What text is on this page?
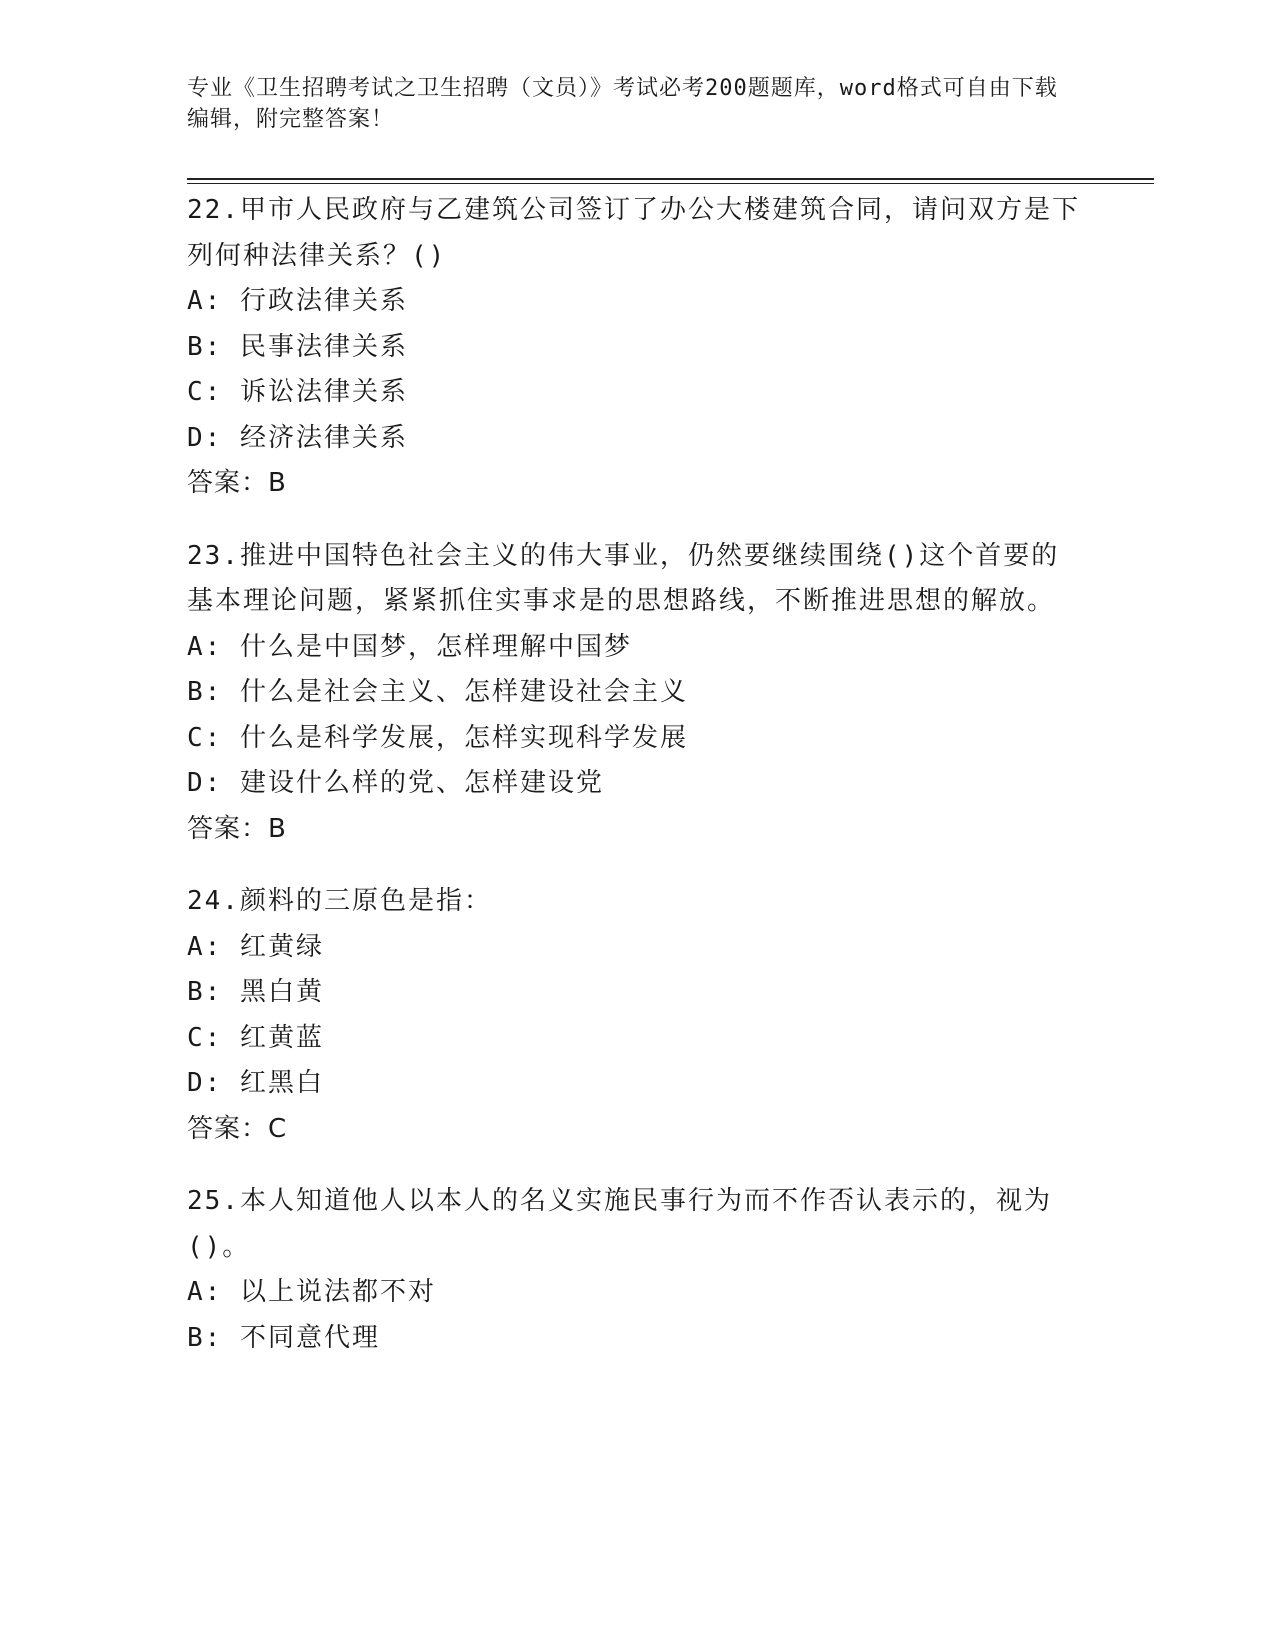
专业《卫生招聘考试之卫生招聘（文员）》考试必考200题题库，word格式可自由下载编辑，附完整答案！
22.甲市人民政府与乙建筑公司签订了办公大楼建筑合同，请问双方是下列何种法律关系？()
A: 行政法律关系
B: 民事法律关系
C: 诉讼法律关系
D: 经济法律关系
答案：B
23.推进中国特色社会主义的伟大事业，仍然要继续围绕()这个首要的基本理论问题，紧紧抓住实事求是的思想路线，不断推进思想的解放。
A: 什么是中国梦，怎样理解中国梦
B: 什么是社会主义、怎样建设社会主义
C: 什么是科学发展，怎样实现科学发展
D: 建设什么样的党、怎样建设党
答案：B
24.颜料的三原色是指：
A: 红黄绿
B: 黑白黄
C: 红黄蓝
D: 红黑白
答案：C
25.本人知道他人以本人的名义实施民事行为而不作否认表示的，视为()。
A: 以上说法都不对
B: 不同意代理
